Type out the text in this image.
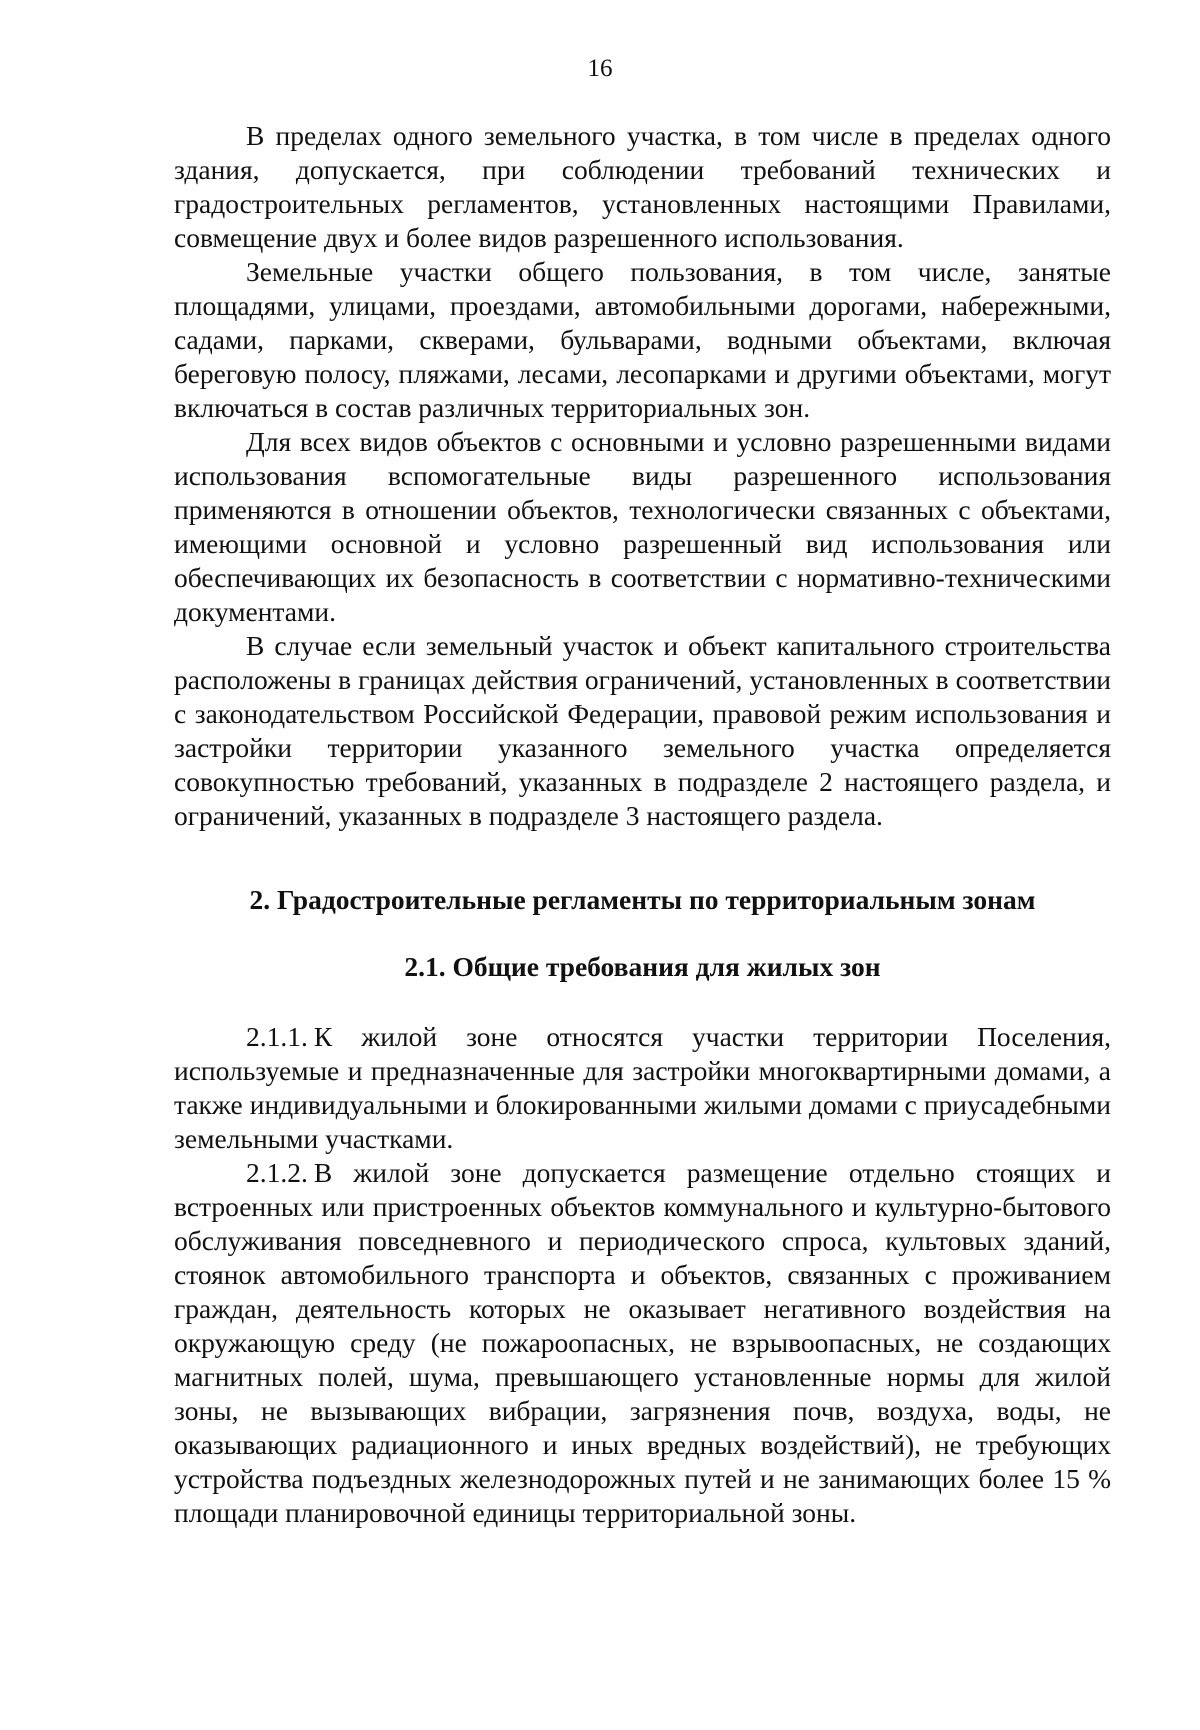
16

В пределах одного земельного участка, в том числе в пределах одного здания, допускается, при соблюдении требований технических и градостроительных регламентов, установленных настоящими Правилами, совмещение двух и более видов разрешенного использования.

Земельные участки общего пользования, в том числе, занятые площадями, улицами, проездами, автомобильными дорогами, набережными, садами, парками, скверами, бульварами, водными объектами, включая береговую полосу, пляжами, лесами, лесопарками и другими объектами, могут включаться в состав различных территориальных зон.

Для всех видов объектов с основными и условно разрешенными видами использования вспомогательные виды разрешенного использования применяются в отношении объектов, технологически связанных с объектами, имеющими основной и условно разрешенный вид использования или обеспечивающих их безопасность в соответствии с нормативно-техническими документами.

В случае если земельный участок и объект капитального строительства расположены в границах действия ограничений, установленных в соответствии с законодательством Российской Федерации, правовой режим использования и застройки территории указанного земельного участка определяется совокупностью требований, указанных в подразделе 2 настоящего раздела, и ограничений, указанных в подразделе 3 настоящего раздела.

2. Градостроительные регламенты по территориальным зонам
2.1. Общие требования для жилых зон

2.1.1. К жилой зоне относятся участки территории Поселения, используемые и предназначенные для застройки многоквартирными домами, а также индивидуальными и блокированными жилыми домами с приусадебными земельными участками.

2.1.2. В жилой зоне допускается размещение отдельно стоящих и встроенных или пристроенных объектов коммунального и культурно-бытового обслуживания повседневного и периодического спроса, культовых зданий, стоянок автомобильного транспорта и объектов, связанных с проживанием граждан, деятельность которых не оказывает негативного воздействия на окружающую среду (не пожароопасных, не взрывоопасных, не создающих магнитных полей, шума, превышающего установленные нормы для жилой зоны, не вызывающих вибрации, загрязнения почв, воздуха, воды, не оказывающих радиационного и иных вредных воздействий), не требующих устройства подъездных железнодорожных путей и не занимающих более 15 % площади планировочной единицы территориальной зоны.
